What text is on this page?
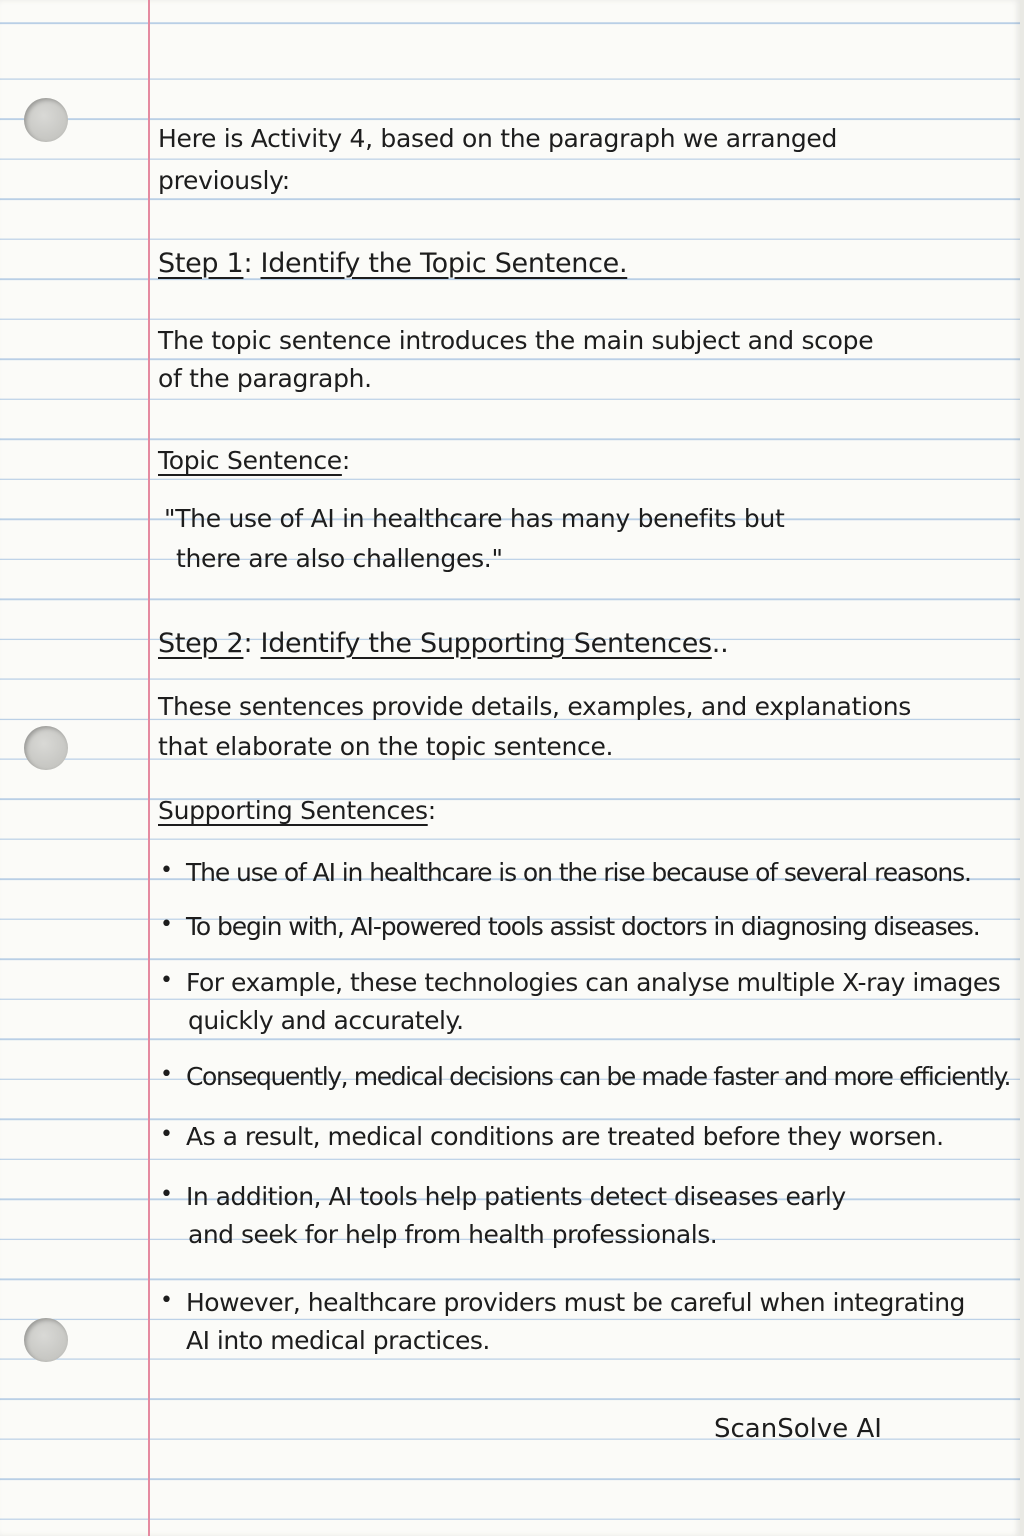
Here is Activity 4, based on the paragraph we arranged
previously:
Step 1: Identify the Topic Sentence.
The topic sentence introduces the main subject and scope
of the paragraph.
Topic Sentence:
"The use of AI in healthcare has many benefits but
there are also challenges."
Step 2: Identify the Supporting Sentences..
These sentences provide details, examples, and explanations
that elaborate on the topic sentence.
Supporting Sentences:
• The use of AI in healthcare is on the rise because of several reasons.
• To begin with, AI-powered tools assist doctors in diagnosing diseases.
• For example, these technologies can analyse multiple X-ray images
quickly and accurately.
• Consequently, medical decisions can be made faster and more efficiently.
• As a result, medical conditions are treated before they worsen.
• In addition, AI tools help patients detect diseases early
and seek for help from health professionals.
• However, healthcare providers must be careful when integrating
AI into medical practices.
ScanSolve AI
